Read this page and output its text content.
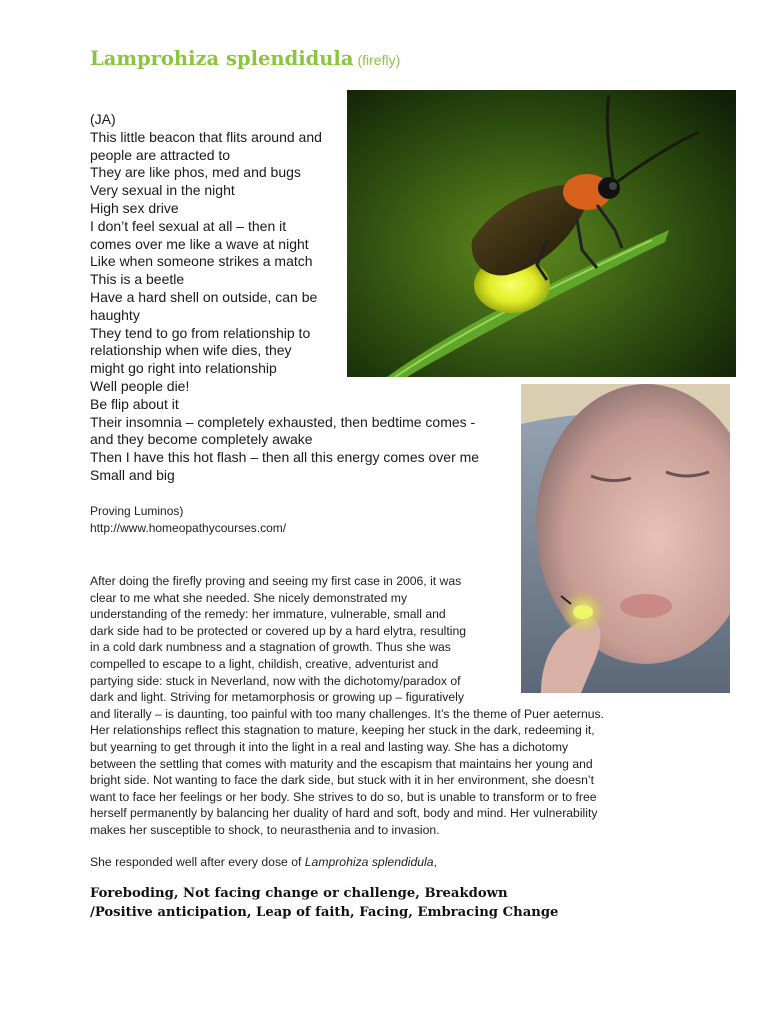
Lamprohiza splendidula (firefly)
(JA)
This little beacon that flits around and
people are attracted to
They are like phos, med and bugs
Very sexual in the night
High sex drive
I don’t feel sexual at all – then it
comes over me like a wave at night
Like when someone strikes a match
This is a beetle
Have a hard shell on outside, can be
haughty
They tend to go from relationship to
relationship when wife dies, they
might go right into relationship
Well people die!
Be flip about it
Their insomnia – completely exhausted, then bedtime comes -
and they become completely awake
Then I have this hot flash – then all this energy comes over me
Small and big
Proving Luminos)
http://www.homeopathycourses.com/
After doing the firefly proving and seeing my first case in 2006, it was
clear to me what she needed. She nicely demonstrated my
understanding of the remedy: her immature, vulnerable, small and
dark side had to be protected or covered up by a hard elytra, resulting
in a cold dark numbness and a stagnation of growth. Thus she was
compelled to escape to a light, childish, creative, adventurist and
partying side: stuck in Neverland, now with the dichotomy/paradox of
dark and light. Striving for metamorphosis or growing up – figuratively
and literally – is daunting, too painful with too many challenges. It’s the theme of Puer aeternus.
Her relationships reflect this stagnation to mature, keeping her stuck in the dark, redeeming it,
but yearning to get through it into the light in a real and lasting way. She has a dichotomy
between the settling that comes with maturity and the escapism that maintains her young and
bright side. Not wanting to face the dark side, but stuck with it in her environment, she doesn’t
want to face her feelings or her body. She strives to do so, but is unable to transform or to free
herself permanently by balancing her duality of hard and soft, body and mind. Her vulnerability
makes her susceptible to shock, to neurasthenia and to invasion.
She responded well after every dose of Lamprohiza splendidula,
Foreboding, Not facing change or challenge, Breakdown
/Positive anticipation, Leap of faith, Facing, Embracing Change
